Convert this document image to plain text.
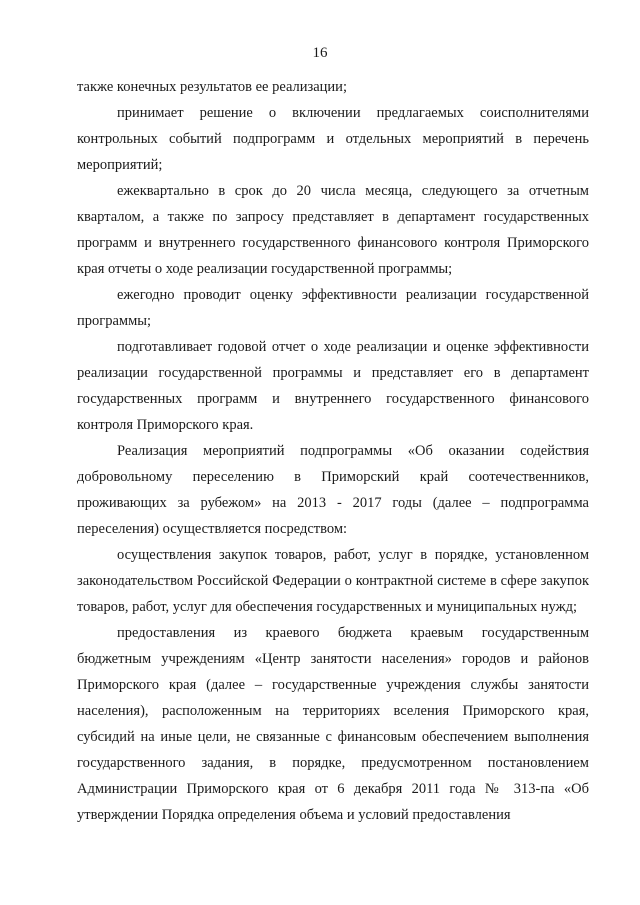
16

также конечных результатов ее реализации;

принимает решение о включении предлагаемых соисполнителями контрольных событий подпрограмм и отдельных мероприятий в перечень мероприятий;

ежеквартально в срок до 20 числа месяца, следующего за отчетным кварталом, а также по запросу представляет в департамент государственных программ и внутреннего государственного финансового контроля Приморского края отчеты о ходе реализации государственной программы;

ежегодно проводит оценку эффективности реализации государственной программы;

подготавливает годовой отчет о ходе реализации и оценке эффективности реализации государственной программы и представляет его в департамент государственных программ и внутреннего государственного финансового контроля Приморского края.

Реализация мероприятий подпрограммы «Об оказании содействия добровольному переселению в Приморский край соотечественников, проживающих за рубежом» на 2013 - 2017 годы (далее – подпрограмма переселения) осуществляется посредством:

осуществления закупок товаров, работ, услуг в порядке, установленном законодательством Российской Федерации о контрактной системе в сфере закупок товаров, работ, услуг для обеспечения государственных и муниципальных нужд;

предоставления из краевого бюджета краевым государственным бюджетным учреждениям «Центр занятости населения» городов и районов Приморского края (далее – государственные учреждения службы занятости населения), расположенным на территориях вселения Приморского края, субсидий на иные цели, не связанные с финансовым обеспечением выполнения государственного задания, в порядке, предусмотренном постановлением Администрации Приморского края от 6 декабря 2011 года № 313-па «Об утверждении Порядка определения объема и условий предоставления
